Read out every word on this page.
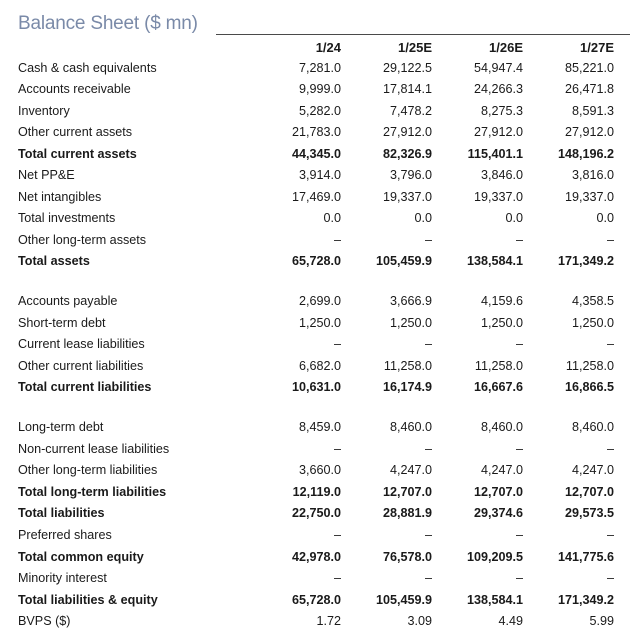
Balance Sheet ($ mn)
1/24	1/25E	1/26E	1/27E
Cash & cash equivalents	7,281.0	29,122.5	54,947.4	85,221.0
Accounts receivable	9,999.0	17,814.1	24,266.3	26,471.8
Inventory	5,282.0	7,478.2	8,275.3	8,591.3
Other current assets	21,783.0	27,912.0	27,912.0	27,912.0
Total current assets	44,345.0	82,326.9	115,401.1	148,196.2
Net PP&E	3,914.0	3,796.0	3,846.0	3,816.0
Net intangibles	17,469.0	19,337.0	19,337.0	19,337.0
Total investments	0.0	0.0	0.0	0.0
Other long-term assets	–	–	–	–
Total assets	65,728.0	105,459.9	138,584.1	171,349.2
Accounts payable	2,699.0	3,666.9	4,159.6	4,358.5
Short-term debt	1,250.0	1,250.0	1,250.0	1,250.0
Current lease liabilities	–	–	–	–
Other current liabilities	6,682.0	11,258.0	11,258.0	11,258.0
Total current liabilities	10,631.0	16,174.9	16,667.6	16,866.5
Long-term debt	8,459.0	8,460.0	8,460.0	8,460.0
Non-current lease liabilities	–	–	–	–
Other long-term liabilities	3,660.0	4,247.0	4,247.0	4,247.0
Total long-term liabilities	12,119.0	12,707.0	12,707.0	12,707.0
Total liabilities	22,750.0	28,881.9	29,374.6	29,573.5
Preferred shares	–	–	–	–
Total common equity	42,978.0	76,578.0	109,209.5	141,775.6
Minority interest	–	–	–	–
Total liabilities & equity	65,728.0	105,459.9	138,584.1	171,349.2
BVPS ($)	1.72	3.09	4.49	5.99
